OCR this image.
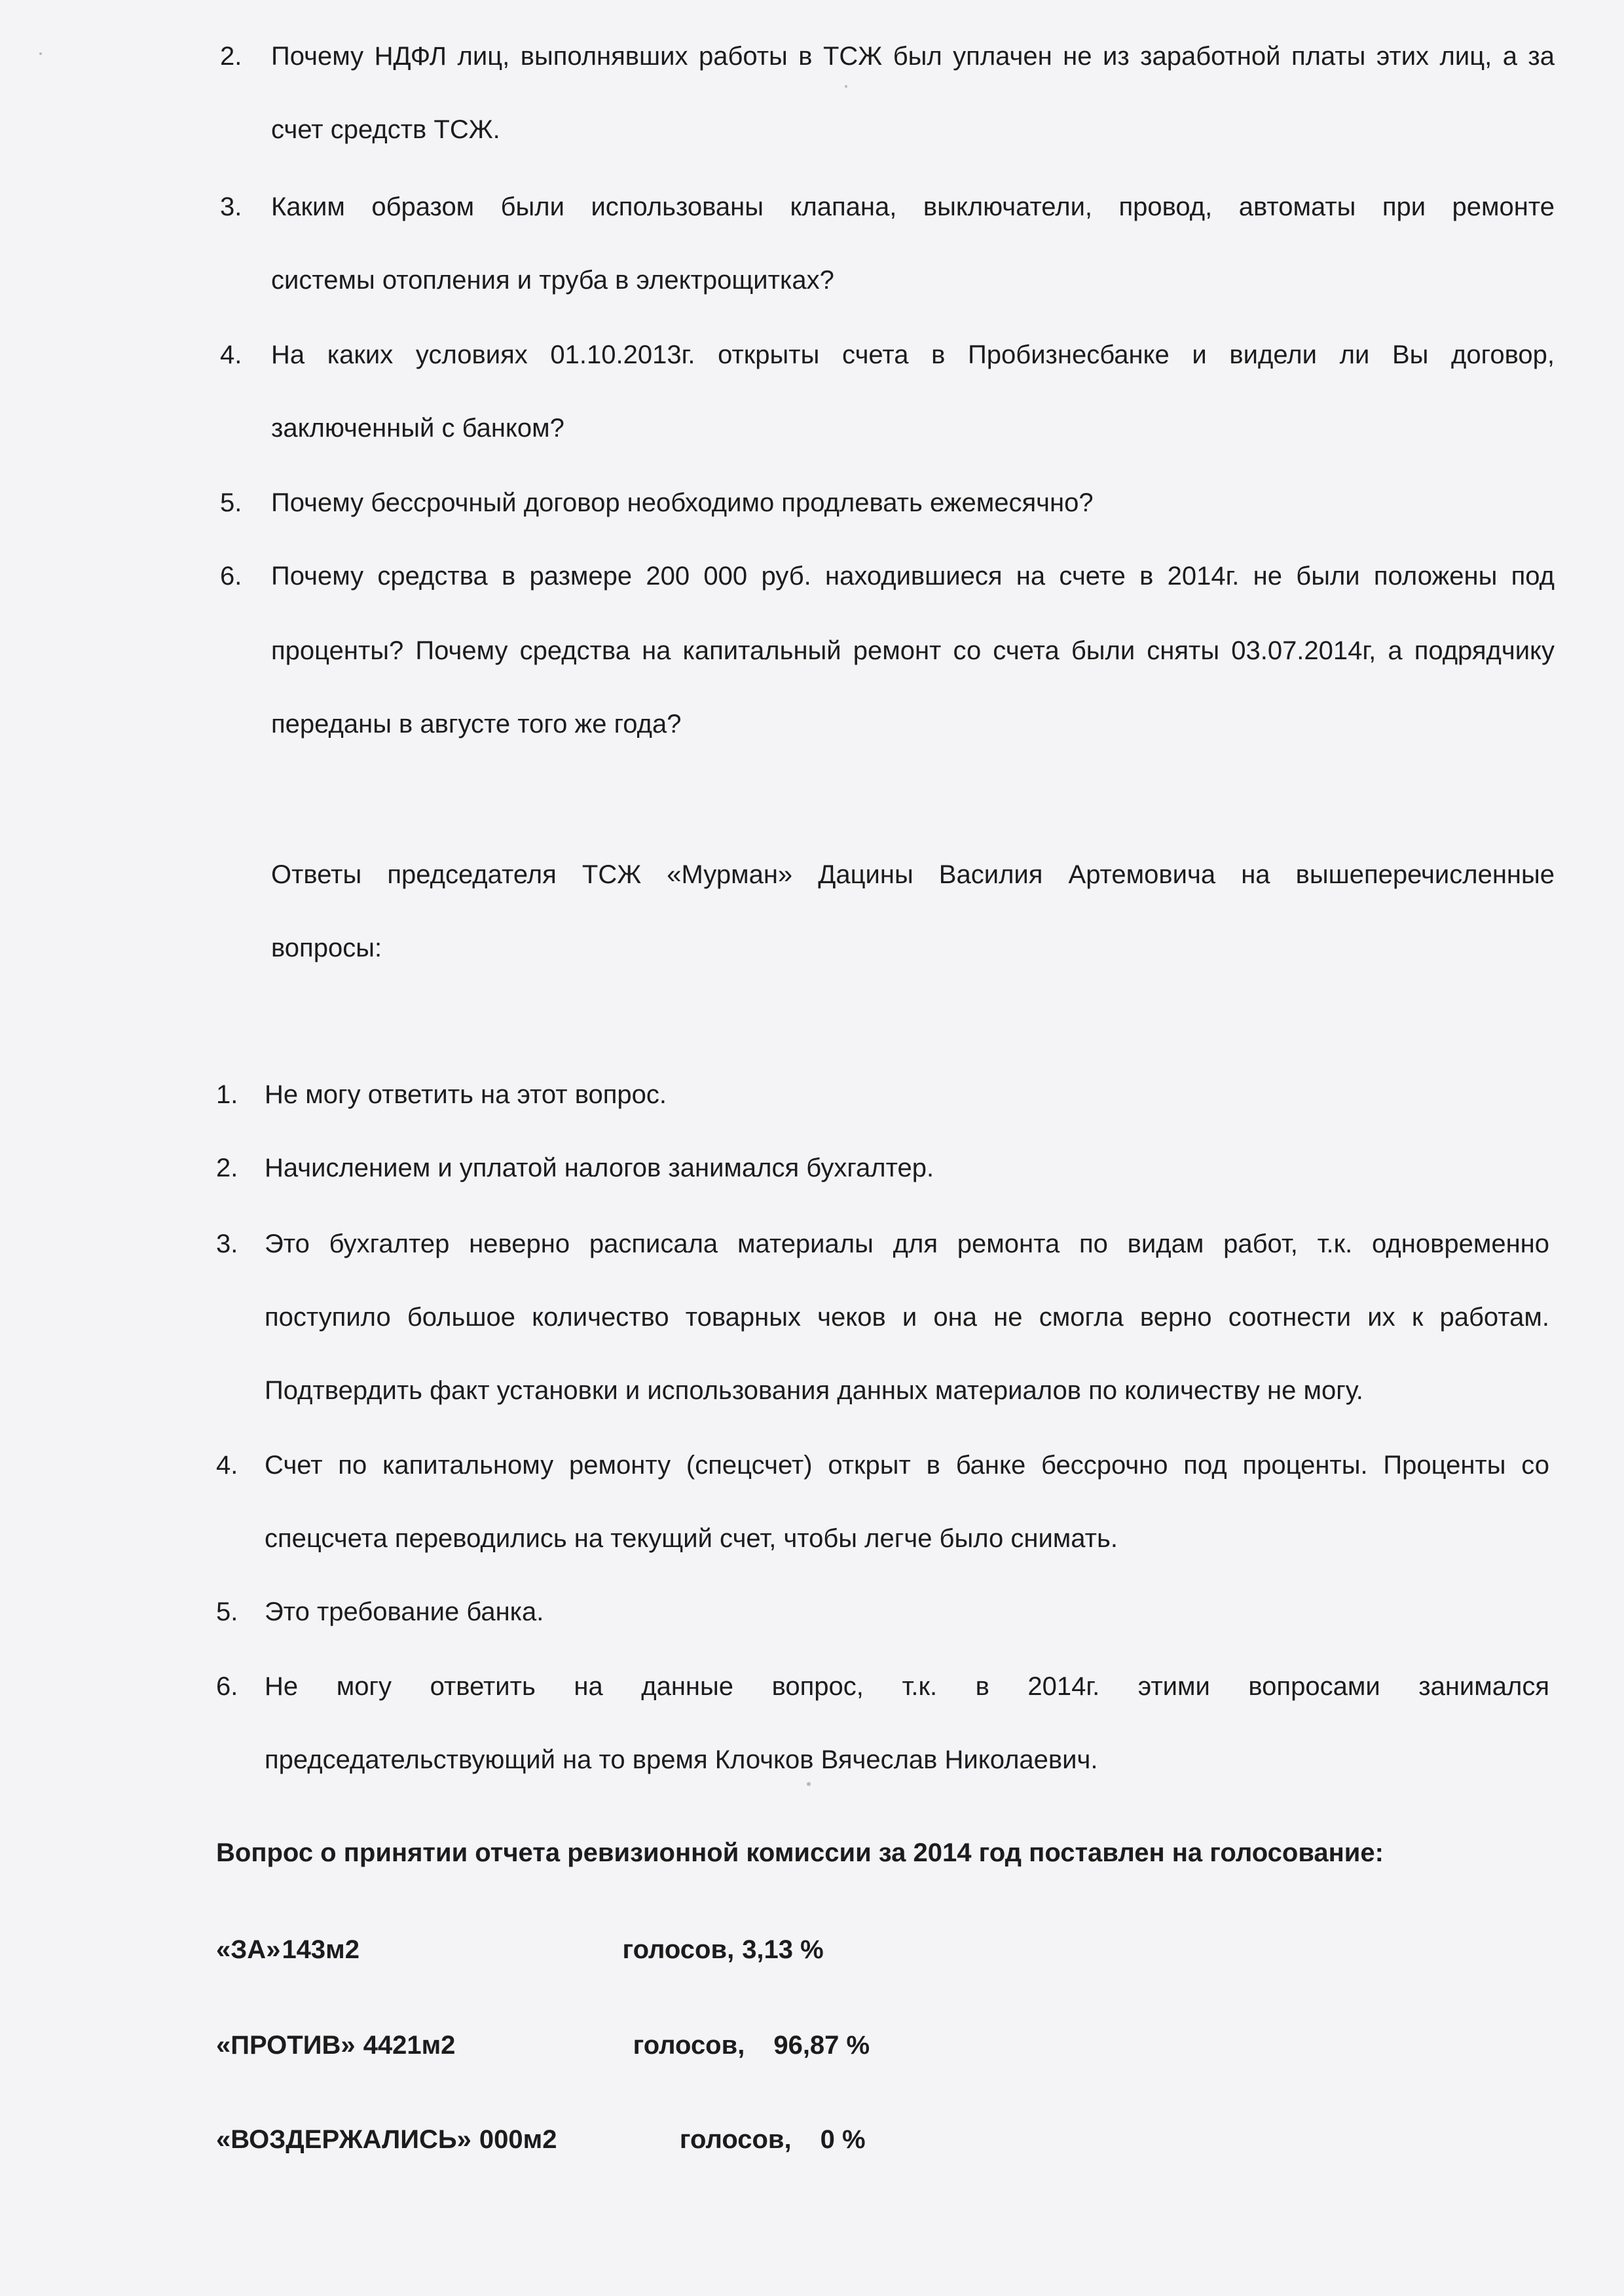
2. Почему НДФЛ лиц, выполнявших работы в ТСЖ был уплачен не из заработной платы этих лиц, а за
счет средств ТСЖ.
3. Каким образом были использованы клапана, выключатели, провод, автоматы при ремонте
системы отопления и труба в электрощитках?
4. На каких условиях 01.10.2013г. открыты счета в Пробизнесбанке и видели ли Вы договор,
заключенный с банком?
5. Почему бессрочный договор необходимо продлевать ежемесячно?
6. Почему средства в размере 200 000 руб. находившиеся на счете в 2014г. не были положены под
проценты? Почему средства на капитальный ремонт со счета были сняты 03.07.2014г, а подрядчику
переданы в августе того же года?
Ответы председателя ТСЖ «Мурман» Дацины Василия Артемовича на вышеперечисленные
вопросы:
1. Не могу ответить на этот вопрос.
2. Начислением и уплатой налогов занимался бухгалтер.
3. Это бухгалтер неверно расписала материалы для ремонта по видам работ, т.к. одновременно
поступило большое количество товарных чеков и она не смогла верно соотнести их к работам.
Подтвердить факт установки и использования данных материалов по количеству не могу.
4. Счет по капитальному ремонту (спецсчет) открыт в банке бессрочно под проценты. Проценты со
спецсчета переводились на текущий счет, чтобы легче было снимать.
5. Это требование банка.
6. Не могу ответить на данные вопрос, т.к. в 2014г. этими вопросами занимался
председательствующий на то время Клочков Вячеслав Николаевич.
Вопрос о принятии отчета ревизионной комиссии за 2014 год поставлен на голосование:
«ЗА»143м2	голосов, 3,13 %
«ПРОТИВ» 4421м2	голосов, 96,87 %
«ВОЗДЕРЖАЛИСЬ» 000м2	голосов, 0 %
